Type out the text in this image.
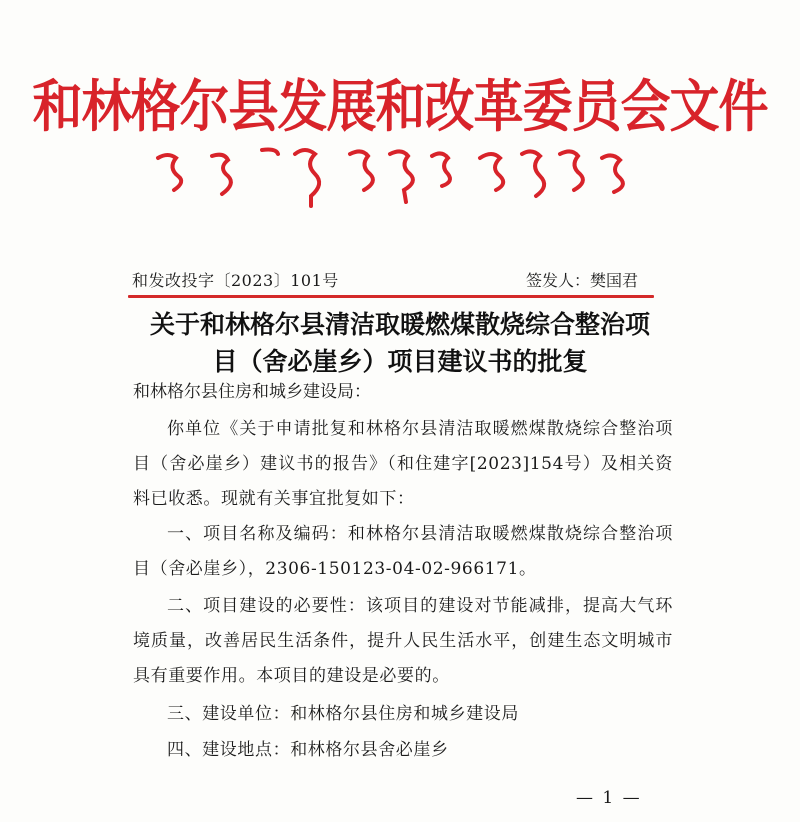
和林格尔县发展和改革委员会文件
和发改投字〔2023〕101号	签发人：樊国君
关于和林格尔县清洁取暖燃煤散烧综合整治项
目（舍必崖乡）项目建议书的批复
和林格尔县住房和城乡建设局：
你单位《关于申请批复和林格尔县清洁取暖燃煤散烧综合整治项目（舍必崖乡）建议书的报告》（和住建字[2023]154号）及相关资料已收悉。现就有关事宜批复如下：
一、项目名称及编码：和林格尔县清洁取暖燃煤散烧综合整治项目（舍必崖乡），2306-150123-04-02-966171。
二、项目建设的必要性：该项目的建设对节能减排，提高大气环境质量，改善居民生活条件，提升人民生活水平，创建生态文明城市具有重要作用。本项目的建设是必要的。
三、建设单位：和林格尔县住房和城乡建设局
四、建设地点：和林格尔县舍必崖乡
— 1 —
